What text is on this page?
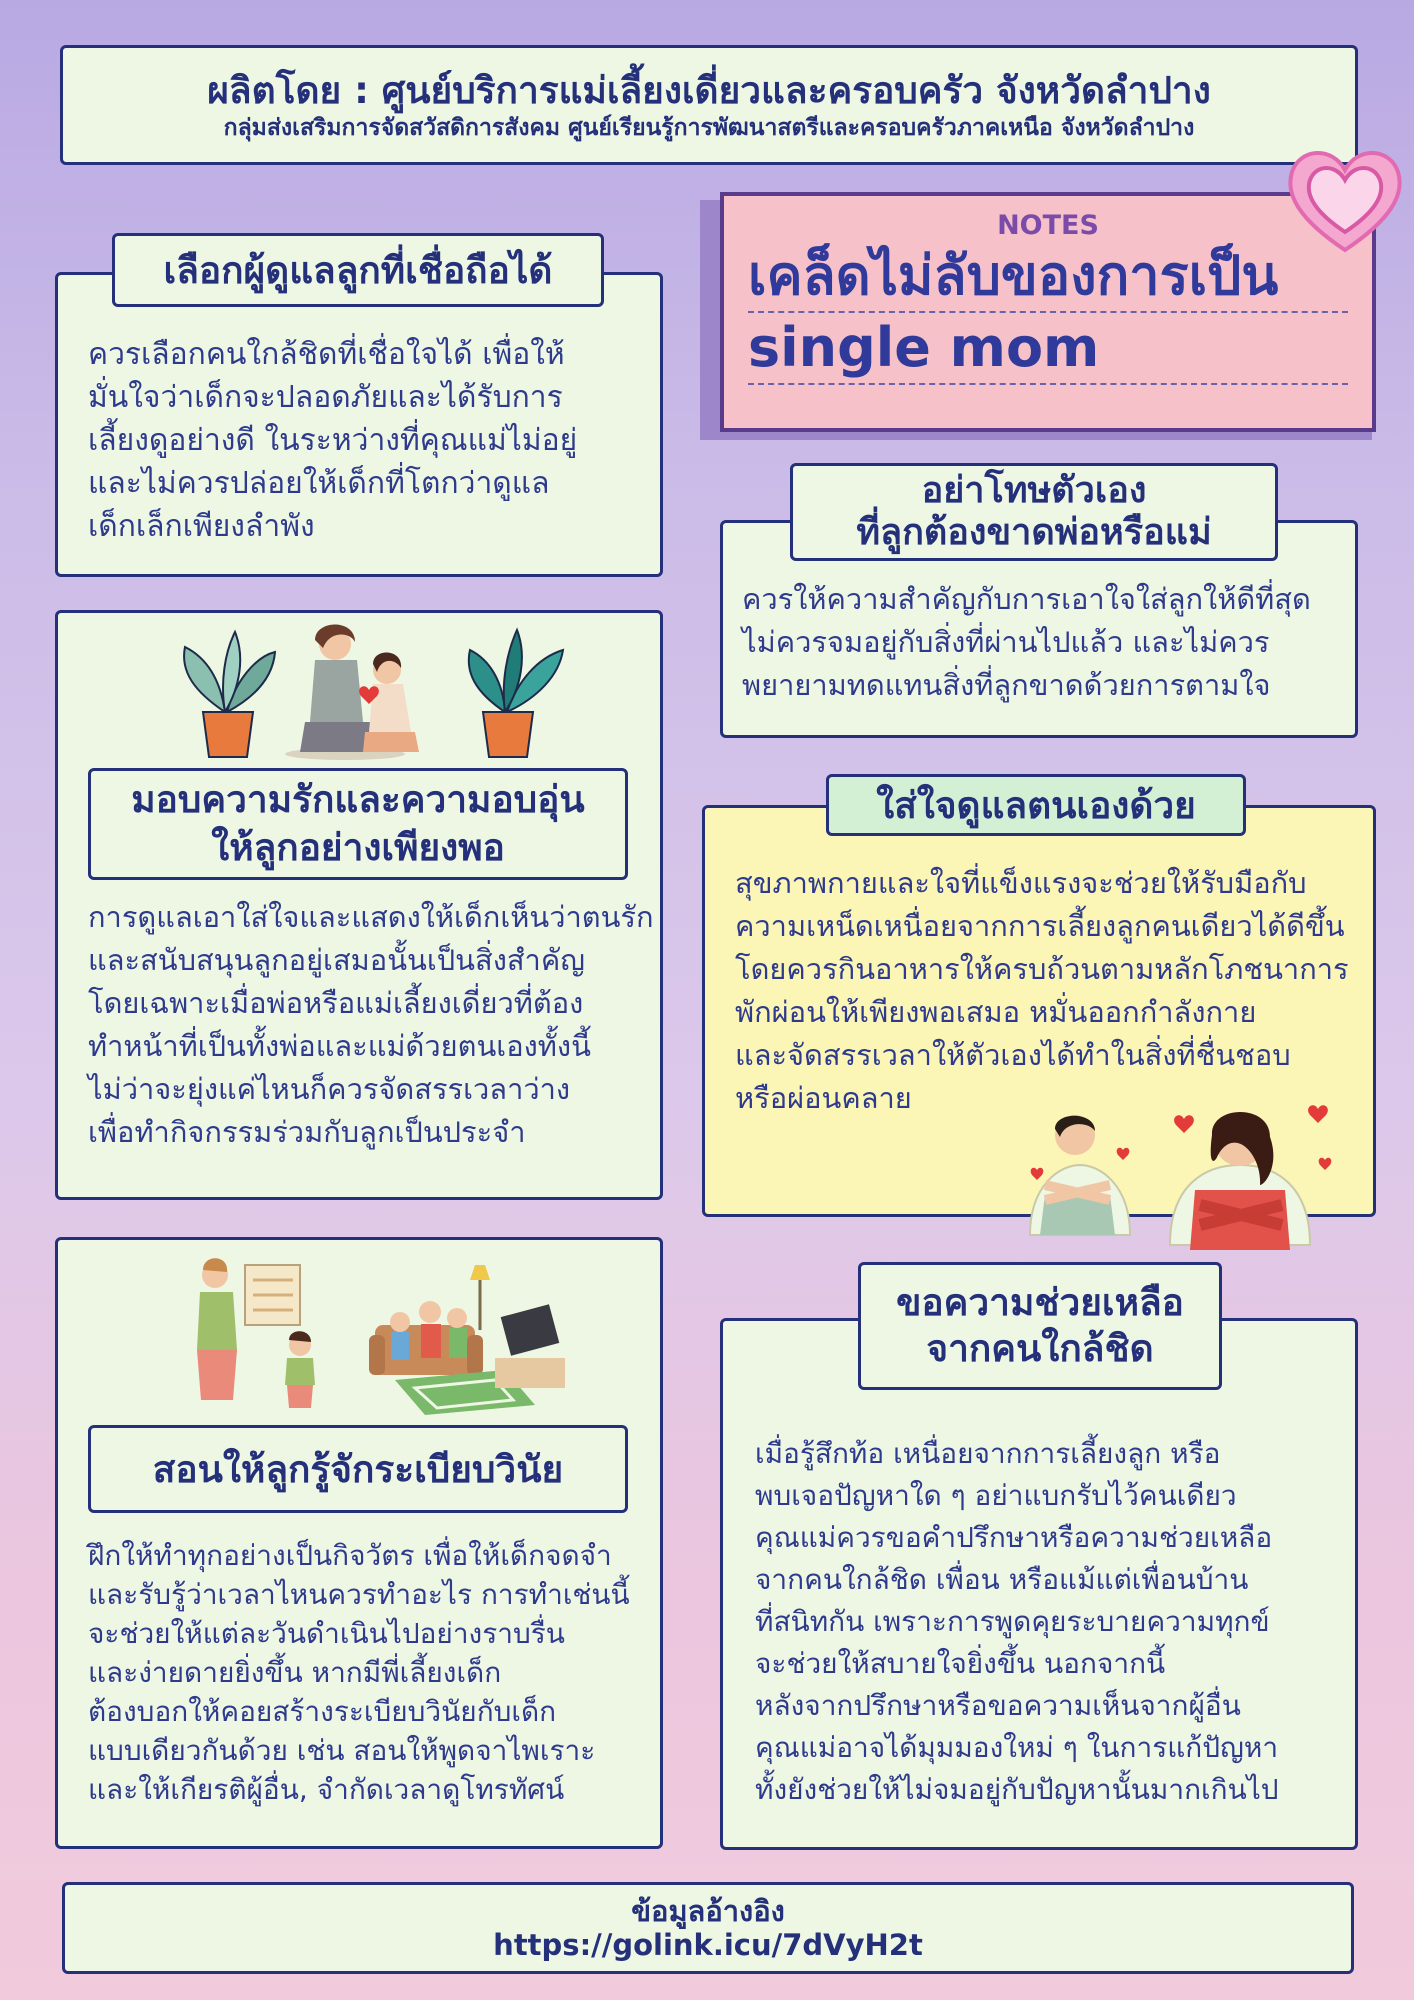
ผลิตโดย : ศูนย์บริการแม่เลี้ยงเดี่ยวและครอบครัว จังหวัดลำปาง
กลุ่มส่งเสริมการจัดสวัสดิการสังคม ศูนย์เรียนรู้การพัฒนาสตรีและครอบครัวภาคเหนือ จังหวัดลำปาง
NOTES
เคล็ดไม่ลับของการเป็น
single mom
เลือกผู้ดูแลลูกที่เชื่อถือได้
ควรเลือกคนใกล้ชิดที่เชื่อใจได้ เพื่อให้
มั่นใจว่าเด็กจะปลอดภัยและได้รับการ
เลี้ยงดูอย่างดี ในระหว่างที่คุณแม่ไม่อยู่
และไม่ควรปล่อยให้เด็กที่โตกว่าดูแล
เด็กเล็กเพียงลำพัง
อย่าโทษตัวเอง
ที่ลูกต้องขาดพ่อหรือแม่
ควรให้ความสำคัญกับการเอาใจใส่ลูกให้ดีที่สุด
ไม่ควรจมอยู่กับสิ่งที่ผ่านไปแล้ว และไม่ควร
พยายามทดแทนสิ่งที่ลูกขาดด้วยการตามใจ
มอบความรักและความอบอุ่น
ให้ลูกอย่างเพียงพอ
การดูแลเอาใส่ใจและแสดงให้เด็กเห็นว่าตนรัก
และสนับสนุนลูกอยู่เสมอนั้นเป็นสิ่งสำคัญ
โดยเฉพาะเมื่อพ่อหรือแม่เลี้ยงเดี่ยวที่ต้อง
ทำหน้าที่เป็นทั้งพ่อและแม่ด้วยตนเองทั้งนี้
ไม่ว่าจะยุ่งแค่ไหนก็ควรจัดสรรเวลาว่าง
เพื่อทำกิจกรรมร่วมกับลูกเป็นประจำ
ใส่ใจดูแลตนเองด้วย
สุขภาพกายและใจที่แข็งแรงจะช่วยให้รับมือกับ
ความเหน็ดเหนื่อยจากการเลี้ยงลูกคนเดียวได้ดีขึ้น
โดยควรกินอาหารให้ครบถ้วนตามหลักโภชนาการ
พักผ่อนให้เพียงพอเสมอ หมั่นออกกำลังกาย
และจัดสรรเวลาให้ตัวเองได้ทำในสิ่งที่ชื่นชอบ
หรือผ่อนคลาย
สอนให้ลูกรู้จักระเบียบวินัย
ฝึกให้ทำทุกอย่างเป็นกิจวัตร เพื่อให้เด็กจดจำ
และรับรู้ว่าเวลาไหนควรทำอะไร การทำเช่นนี้
จะช่วยให้แต่ละวันดำเนินไปอย่างราบรื่น
และง่ายดายยิ่งขึ้น หากมีพี่เลี้ยงเด็ก
ต้องบอกให้คอยสร้างระเบียบวินัยกับเด็ก
แบบเดียวกันด้วย เช่น สอนให้พูดจาไพเราะ
และให้เกียรติผู้อื่น, จำกัดเวลาดูโทรทัศน์
ขอความช่วยเหลือ
จากคนใกล้ชิด
เมื่อรู้สึกท้อ เหนื่อยจากการเลี้ยงลูก หรือ
พบเจอปัญหาใด ๆ อย่าแบกรับไว้คนเดียว
คุณแม่ควรขอคำปรึกษาหรือความช่วยเหลือ
จากคนใกล้ชิด เพื่อน หรือแม้แต่เพื่อนบ้าน
ที่สนิทกัน เพราะการพูดคุยระบายความทุกข์
จะช่วยให้สบายใจยิ่งขึ้น นอกจากนี้
หลังจากปรึกษาหรือขอความเห็นจากผู้อื่น
คุณแม่อาจได้มุมมองใหม่ ๆ ในการแก้ปัญหา
ทั้งยังช่วยให้ไม่จมอยู่กับปัญหานั้นมากเกินไป
ข้อมูลอ้างอิง
https://golink.icu/7dVyH2t
